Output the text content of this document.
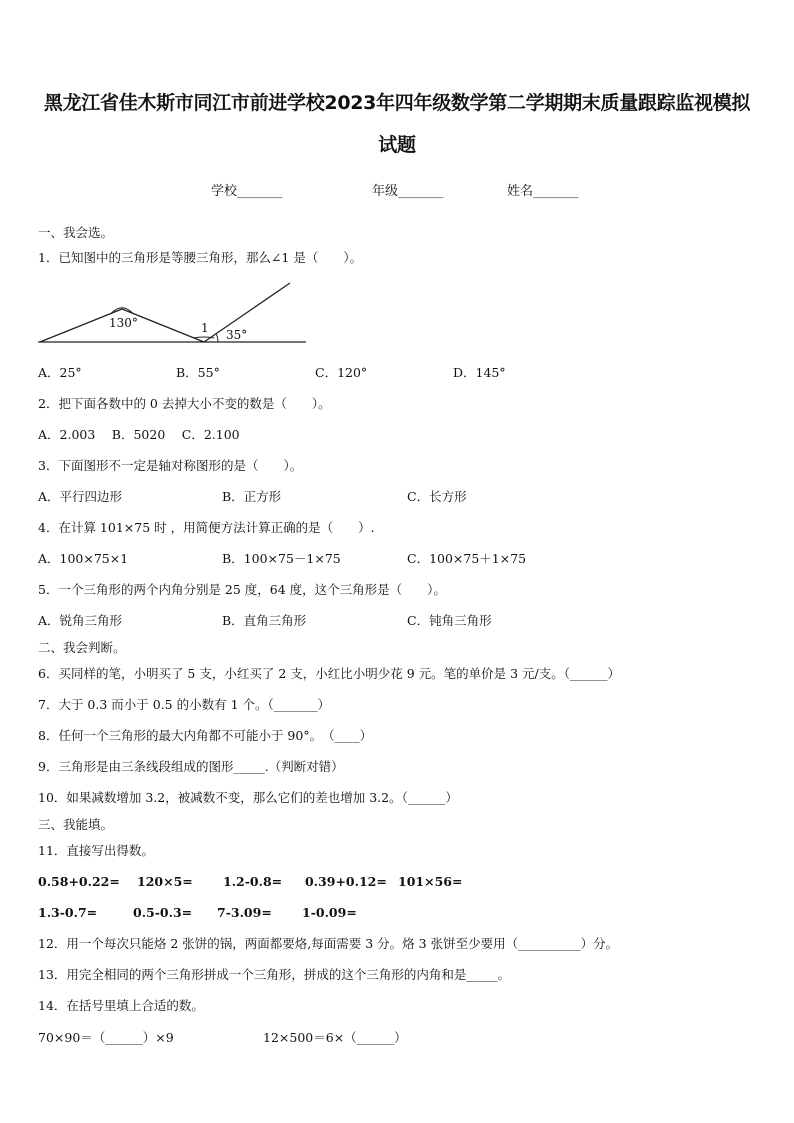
黑龙江省佳木斯市同江市前进学校2023年四年级数学第二学期期末质量跟踪监视模拟
试题
学校_______	年级_______	姓名_______
一、我会选。
1．已知图中的三角形是等腰三角形，那么∠1 是（　　）。
130°	1 35°
A．25°	B．55°	C．120°	D．145°
2．把下面各数中的 0 去掉大小不变的数是（　　）。
A．2.003　 B．5020　 C．2.100
3．下面图形不一定是轴对称图形的是（　　）。
A．平行四边形	B．正方形	C．长方形
4．在计算 101×75 时 ，用简便方法计算正确的是（　　）.
A．100×75×1	B．100×75－1×75	C．100×75＋1×75
5．一个三角形的两个内角分别是 25 度，64 度，这个三角形是（　　）。
A．锐角三角形	B．直角三角形	C．钝角三角形
二、我会判断。
6．买同样的笔，小明买了 5 支，小红买了 2 支，小红比小明少花 9 元。笔的单价是 3 元/支。（______）
7．大于 0.3 而小于 0.5 的小数有 1 个。（_______）
8．任何一个三角形的最大内角都不可能小于 90°。　（____）
9．三角形是由三条线段组成的图形_____.（判断对错）
10．如果减数增加 3.2，被减数不变，那么它们的差也增加 3.2。（______）
三、我能填。
11．直接写出得数。
0.58+0.22= 120×5= 1.2-0.8= 0.39+0.12= 101×56=
1.3-0.7=	0.5-0.3= 7-3.09= 1-0.09=
12．用一个每次只能烙 2 张饼的锅，两面都要烙,每面需要 3 分。烙 3 张饼至少要用（__________）分。
13．用完全相同的两个三角形拼成一个三角形，拼成的这个三角形的内角和是_____。
14．在括号里填上合适的数。
70×90＝（______）×9	12×500＝6×（______）
